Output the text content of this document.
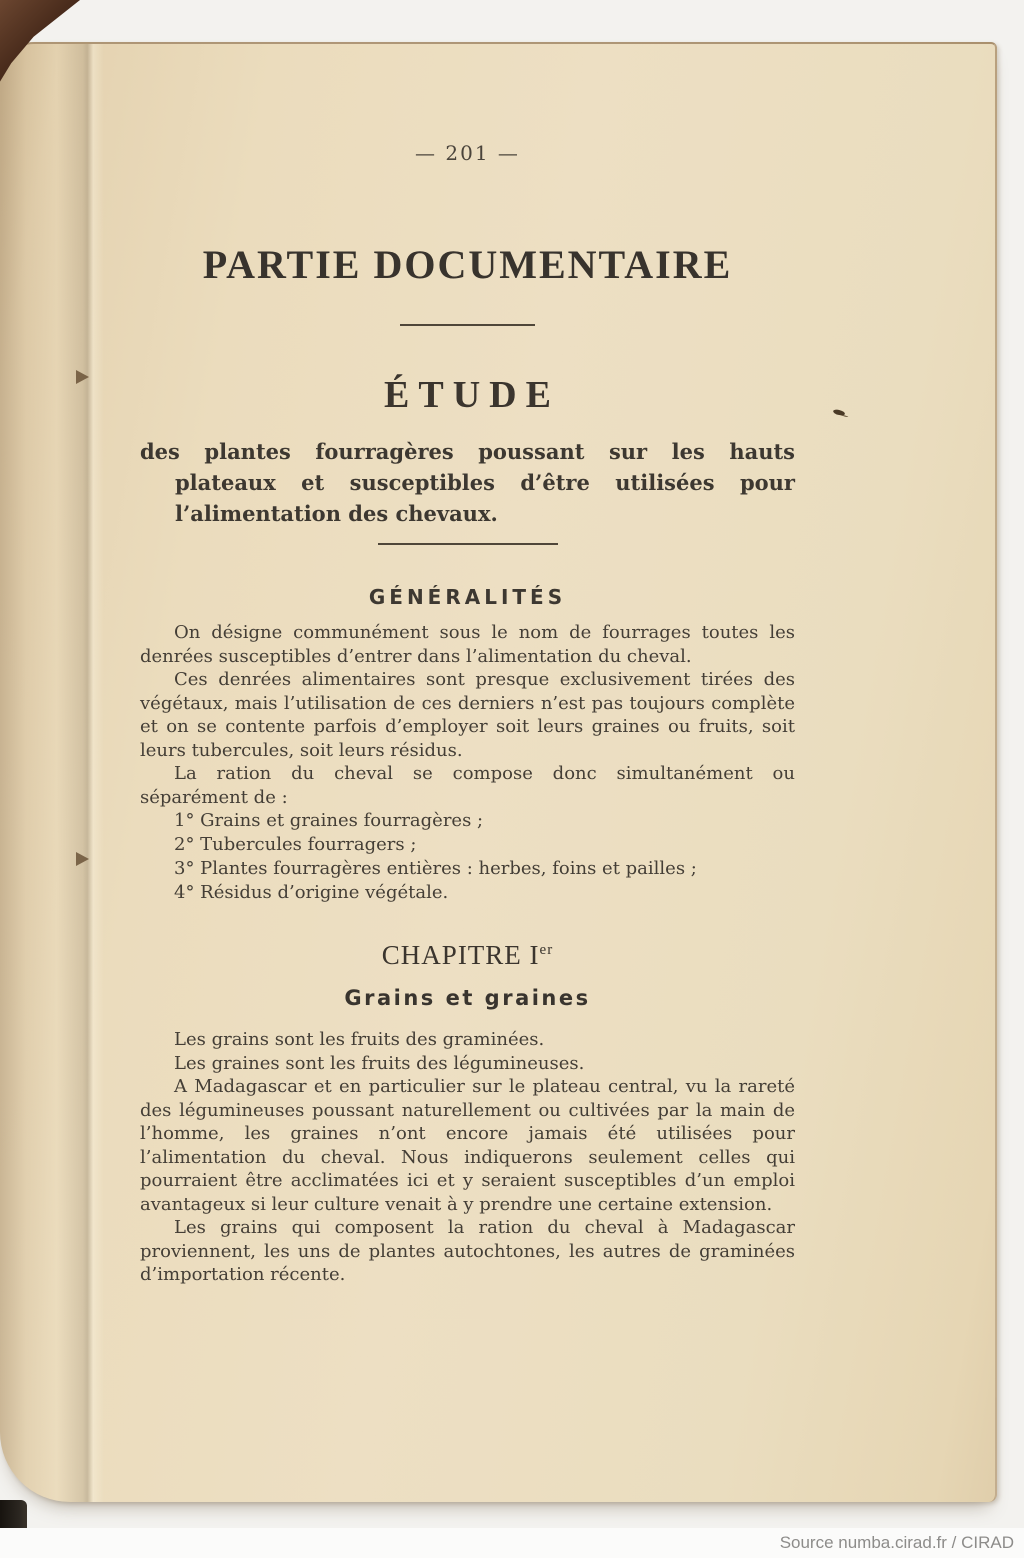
— 201 —
PARTIE DOCUMENTAIRE
ÉTUDE
des plantes fourragères poussant sur les hauts plateaux et susceptibles d’être utilisées pour l’alimentation des chevaux.
GÉNÉRALITÉS

On désigne communément sous le nom de fourrages toutes les denrées susceptibles d’entrer dans l’alimentation du cheval.

Ces denrées alimentaires sont presque exclusivement tirées des végétaux, mais l’utilisation de ces derniers n’est pas toujours complète et on se contente parfois d’employer soit leurs graines ou fruits, soit leurs tubercules, soit leurs résidus.

La ration du cheval se compose donc simultanément ou séparément de :

1° Grains et graines fourragères ;
2° Tubercules fourragers ;
3° Plantes fourragères entières : herbes, foins et pailles ;
4° Résidus d’origine végétale.
CHAPITRE Ier
Grains et graines

Les grains sont les fruits des graminées.

Les graines sont les fruits des légumineuses.

A Madagascar et en particulier sur le plateau central, vu la rareté des légumineuses poussant naturellement ou cultivées par la main de l’homme, les graines n’ont encore jamais été utilisées pour l’alimentation du cheval. Nous indiquerons seulement celles qui pourraient être acclimatées ici et y seraient susceptibles d’un emploi avantageux si leur culture venait à y prendre une certaine extension.

Les grains qui composent la ration du cheval à Madagascar proviennent, les uns de plantes autochtones, les autres de graminées d’importation récente.

Source numba.cirad.fr / CIRAD
